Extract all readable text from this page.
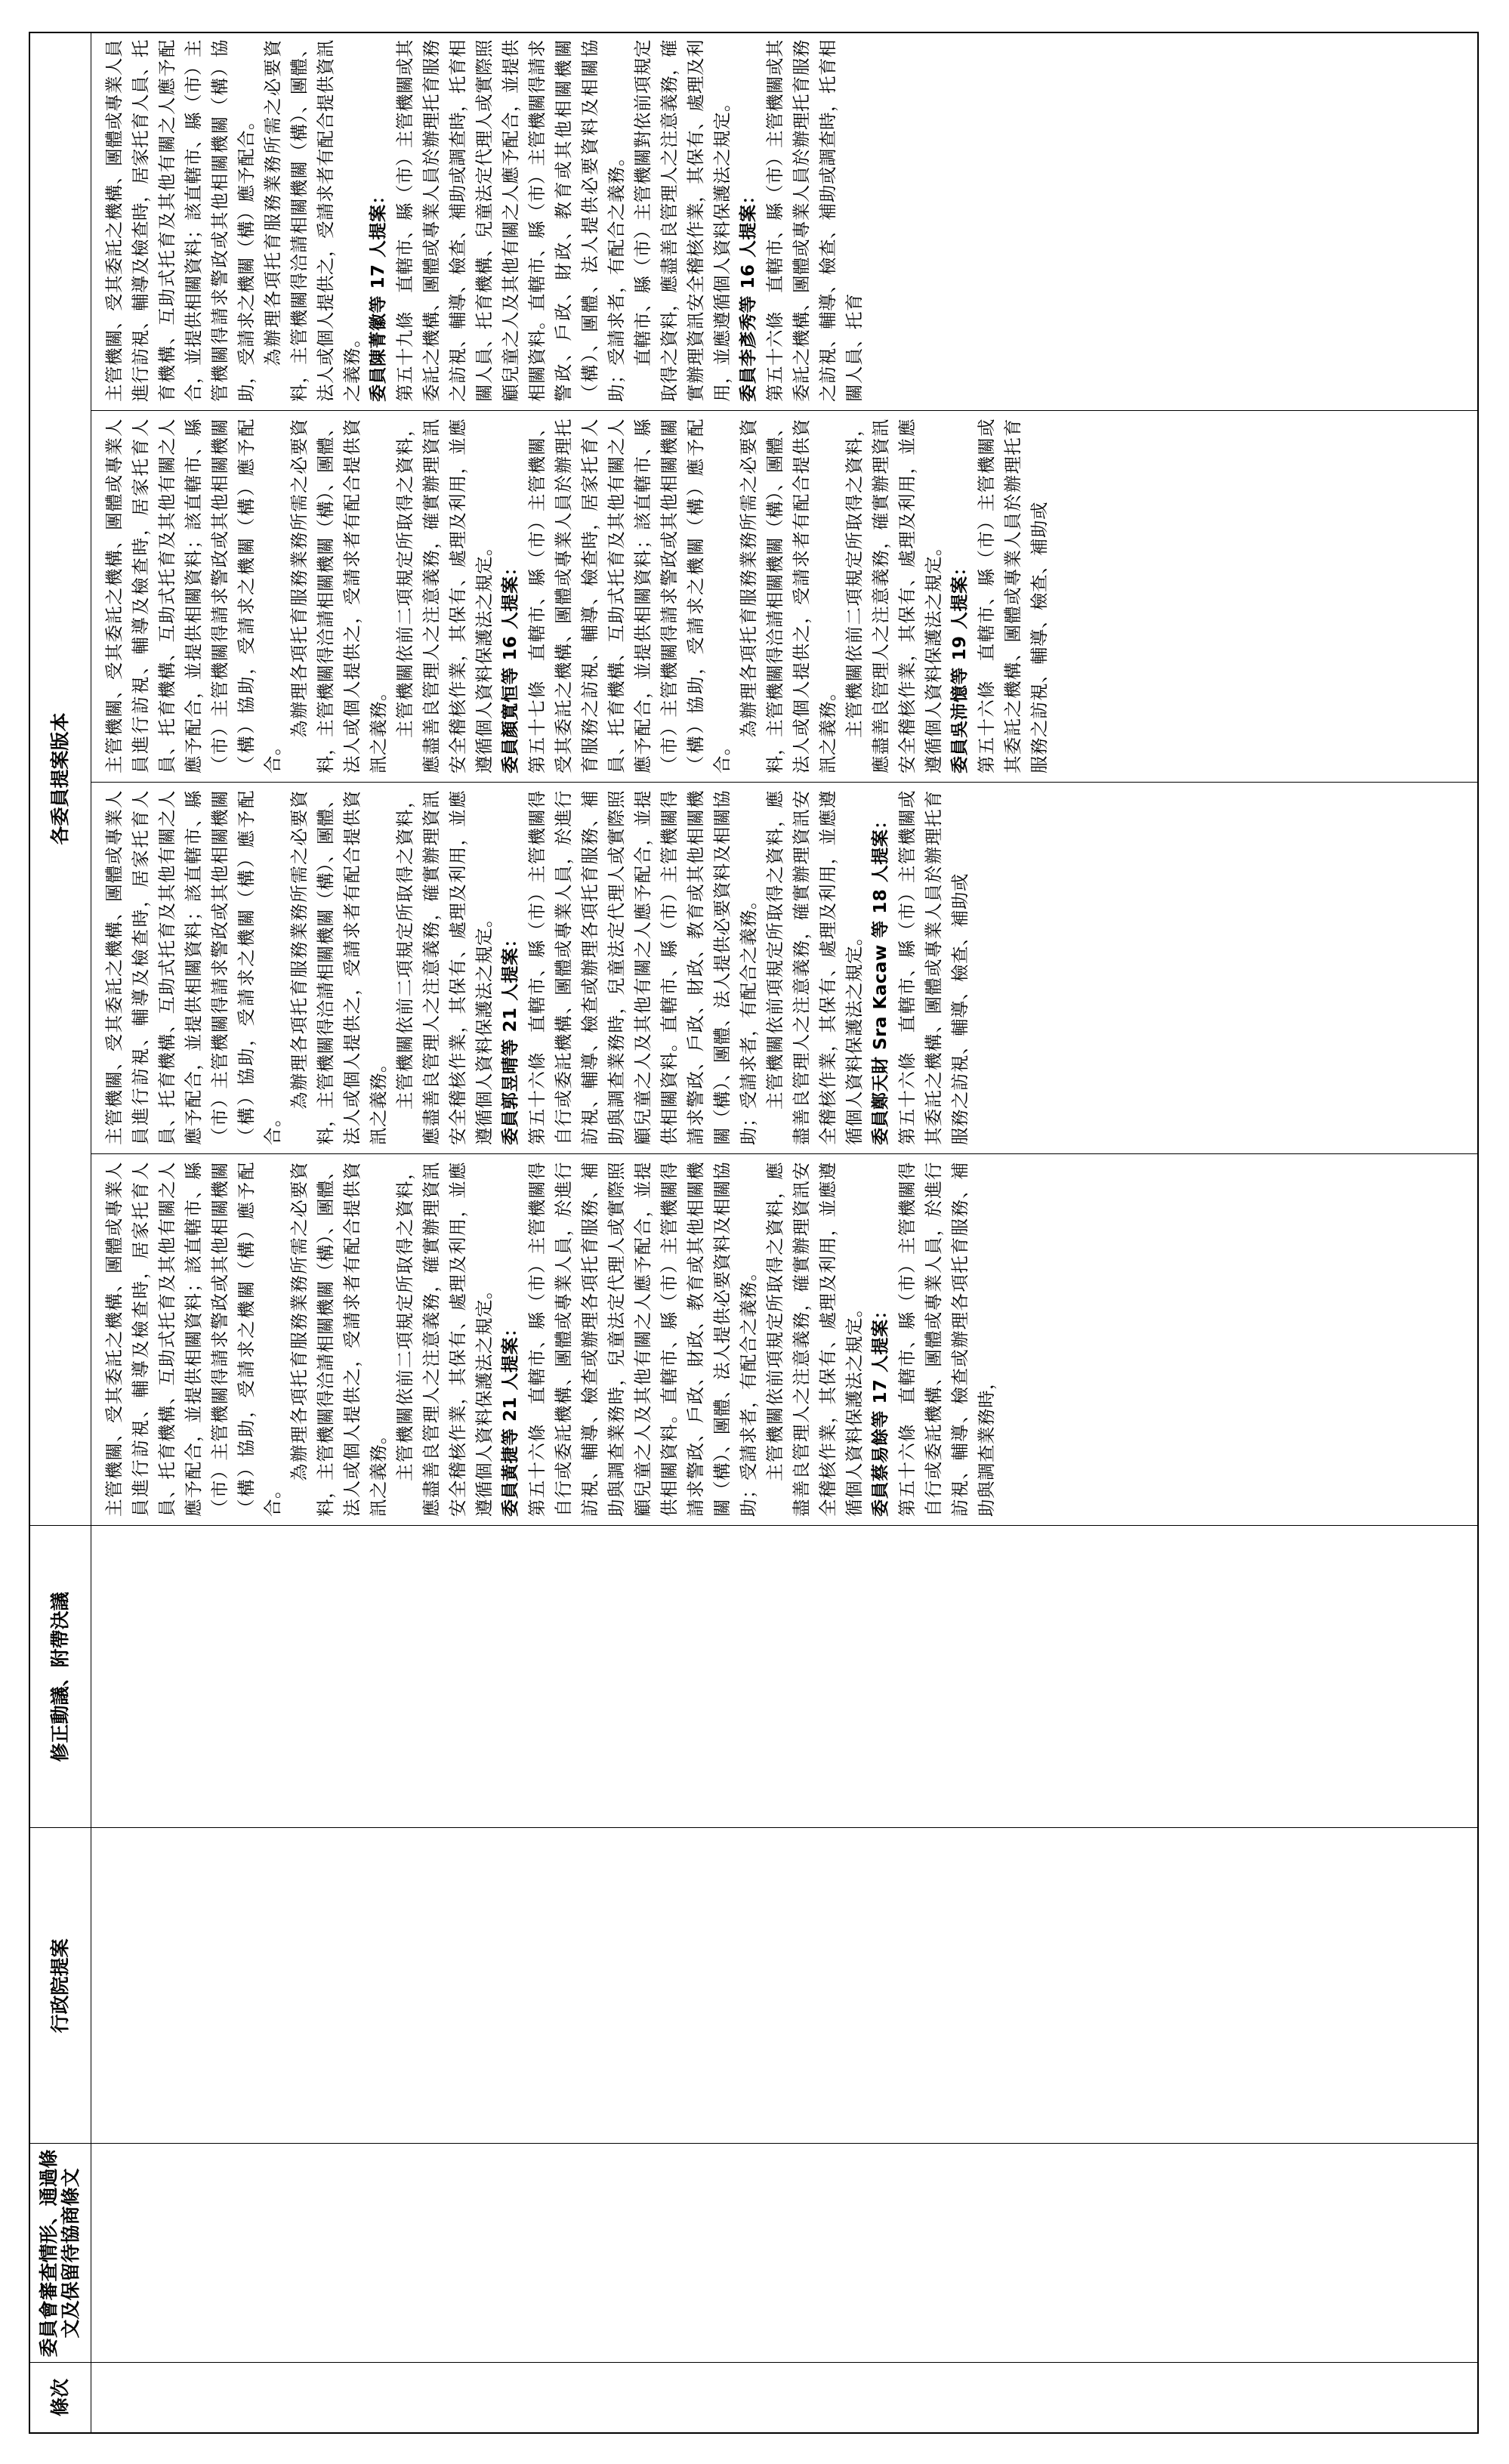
條次
委員會審查情形、通過條文及保留待協商條文
行政院提案
修正動議、附帶決議
各委員提案版本

主管機關、受其委託之機構、團體或專業人員進行訪視、輔導及檢查時，居家托育人員、托育機構、互助式托育及其他有關之人應予配合，並提供相關資料；該直轄市、縣（市）主管機關得請求警政或其他相關機關（構）協助，受請求之機關（構）應予配合。

為辦理各項托育服務業務所需之必要資料，主管機關得洽請相關機關（構）、團體、法人或個人提供之，受請求者有配合提供資訊之義務。 主管機關依前二項規定所取得之資料，應盡善良管理人之注意義務，確實辦理資訊安全稽核作業，其保有、處理及利用，並應遵循個人資料保護法之規定。 委員黃捷等 21 人提案： 第五十六條　直轄市、縣（市）主管機關得自行或委託機構、團體或專業人員，於進行訪視、輔導、檢查或辦理各項托育服務、補助與調查業務時，兒童法定代理人或實際照顧兒童之人及其他有關之人應予配合，並提供相關資料。直轄市、縣（市）主管機關得請求警政、戶政、財政、教育或其他相關機關（構）、團體、法人提供必要資料及相關協助；受請求者，有配合之義務。 主管機關依前項規定所取得之資料，應盡善良管理人之注意義務，確實辦理資訊安全稽核作業，其保有、處理及利用，並應遵循個人資料保護法之規定。 委員蔡易餘等 17 人提案： 第五十六條　直轄市、縣（市）主管機關得自行或委託機構、團體或專業人員，於進行訪視、輔導、檢查或辦理各項托育服務、補助與調查業務時，

主管機關、受其委託之機構、團體或專業人員進行訪視、輔導及檢查時，居家托育人員、托育機構、互助式托育及其他有關之人應予配合，並提供相關資料；該直轄市、縣（市）主管機關得請求警政或其他相關機關（構）協助，受請求之機關（構）應予配合。

為辦理各項托育服務業務所需之必要資料，主管機關得洽請相關機關（構）、團體、法人或個人提供之，受請求者有配合提供資訊之義務。 主管機關依前二項規定所取得之資料，應盡善良管理人之注意義務，確實辦理資訊安全稽核作業，其保有、處理及利用，並應遵循個人資料保護法之規定。 委員郭昱晴等 21 人提案： 第五十六條　直轄市、縣（市）主管機關得自行或委託機構、團體或專業人員，於進行訪視、輔導、檢查或辦理各項托育服務、補助與調查業務時，兒童法定代理人或實際照顧兒童之人及其他有關之人應予配合，並提供相關資料。直轄市、縣（市）主管機關得請求警政、戶政、財政、教育或其他相關機關（構）、團體、法人提供必要資料及相關協助；受請求者，有配合之義務。 主管機關依前項規定所取得之資料，應盡善良管理人之注意義務，確實辦理資訊安全稽核作業，其保有、處理及利用，並應遵循個人資料保護法之規定。 委員鄭天財 Sra Kacaw 等 18 人提案： 第五十六條　直轄市、縣（市）主管機關或其委託之機構、團體或專業人員於辦理托育服務之訪視、輔導、檢查、補助或

主管機關、受其委託之機構、團體或專業人員進行訪視、輔導及檢查時，居家托育人員、托育機構、互助式托育及其他有關之人應予配合，並提供相關資料；該直轄市、縣（市）主管機關得請求警政或其他相關機關（構）協助，受請求之機關（構）應予配合。

為辦理各項托育服務業務所需之必要資料，主管機關得洽請相關機關（構）、團體、法人或個人提供之，受請求者有配合提供資訊之義務。 主管機關依前二項規定所取得之資料，應盡善良管理人之注意義務，確實辦理資訊安全稽核作業，其保有、處理及利用，並應遵循個人資料保護法之規定。 委員顏寬恒等 16 人提案： 第五十七條　直轄市、縣（市）主管機關、受其委託之機構、團體或專業人員於辦理托育服務之訪視、輔導、檢查時，居家托育人員、托育機構、互助式托育及其他有關之人應予配合，並提供相關資料；該直轄市、縣（市）主管機關得請求警政或其他相關機關（構）協助，受請求之機關（構）應予配合。

為辦理各項托育服務業務所需之必要資料，主管機關得洽請相關機關（構）、團體、法人或個人提供之，受請求者有配合提供資訊之義務。 主管機關依前二項規定所取得之資料，應盡善良管理人之注意義務，確實辦理資訊安全稽核作業，其保有、處理及利用，並應遵循個人資料保護法之規定。 委員吳沛憶等 19 人提案： 第五十六條　直轄市、縣（市）主管機關或其委託之機構、團體或專業人員於辦理托育服務之訪視、輔導、檢查、補助或

主管機關、受其委託之機構、團體或專業人員進行訪視、輔導及檢查時，居家托育人員、托育機構、互助式托育及其他有關之人應予配合，並提供相關資料；該直轄市、縣（市）主管機關得請求警政或其他相關機關（構）協助，受請求之機關（構）應予配合。 為辦理各項托育服務業務所需之必要資料，主管機關得洽請相關機關（構）、團體、法人或個人提供之，受請求者有配合提供資訊之義務。 委員陳菁徽等 17 人提案： 第五十九條　直轄市、縣（市）主管機關或其委託之機構、團體或專業人員於辦理托育服務之訪視、輔導、檢查、補助或調查時，托育相關人員、托育機構、兒童法定代理人或實際照顧兒童之人及其他有關之人應予配合，並提供相關資料。直轄市、縣（市）主管機關得請求警政、戶政、財政、教育或其他相關機關（構）、團體、法人提供必要資料及相關協助；受請求者，有配合之義務。 直轄市、縣（市）主管機關對依前項規定取得之資料，應盡善良管理人之注意義務，確實辦理資訊安全稽核作業，其保有、處理及利用，並應遵循個人資料保護法之規定。 委員李彥秀等 16 人提案： 第五十六條　直轄市、縣（市）主管機關或其委託之機構、團體或專業人員於辦理托育服務之訪視、輔導、檢查、補助或調查時，托育相關人員、托育
